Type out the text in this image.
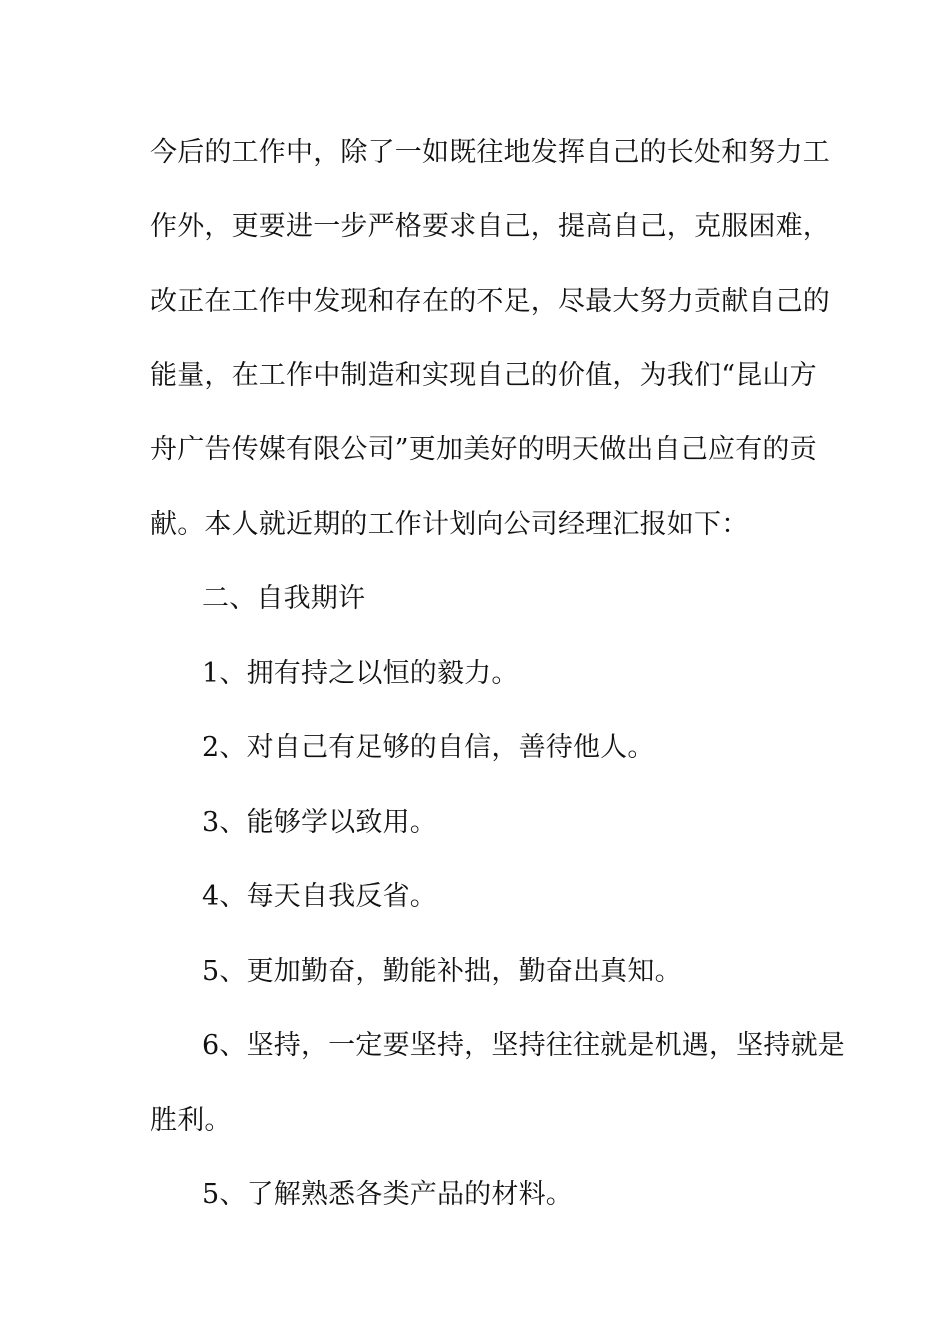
今后的工作中，除了一如既往地发挥自己的长处和努力工
作外，更要进一步严格要求自己，提高自己，克服困难，
改正在工作中发现和存在的不足，尽最大努力贡献自己的
能量，在工作中制造和实现自己的价值，为我们“昆山方
舟广告传媒有限公司”更加美好的明天做出自己应有的贡
献。本人就近期的工作计划向公司经理汇报如下：
二、自我期许
1、拥有持之以恒的毅力。
2、对自己有足够的自信，善待他人。
3、能够学以致用。
4、每天自我反省。
5、更加勤奋，勤能补拙，勤奋出真知。
6、坚持，一定要坚持，坚持往往就是机遇，坚持就是
胜利。
5、了解熟悉各类产品的材料。
